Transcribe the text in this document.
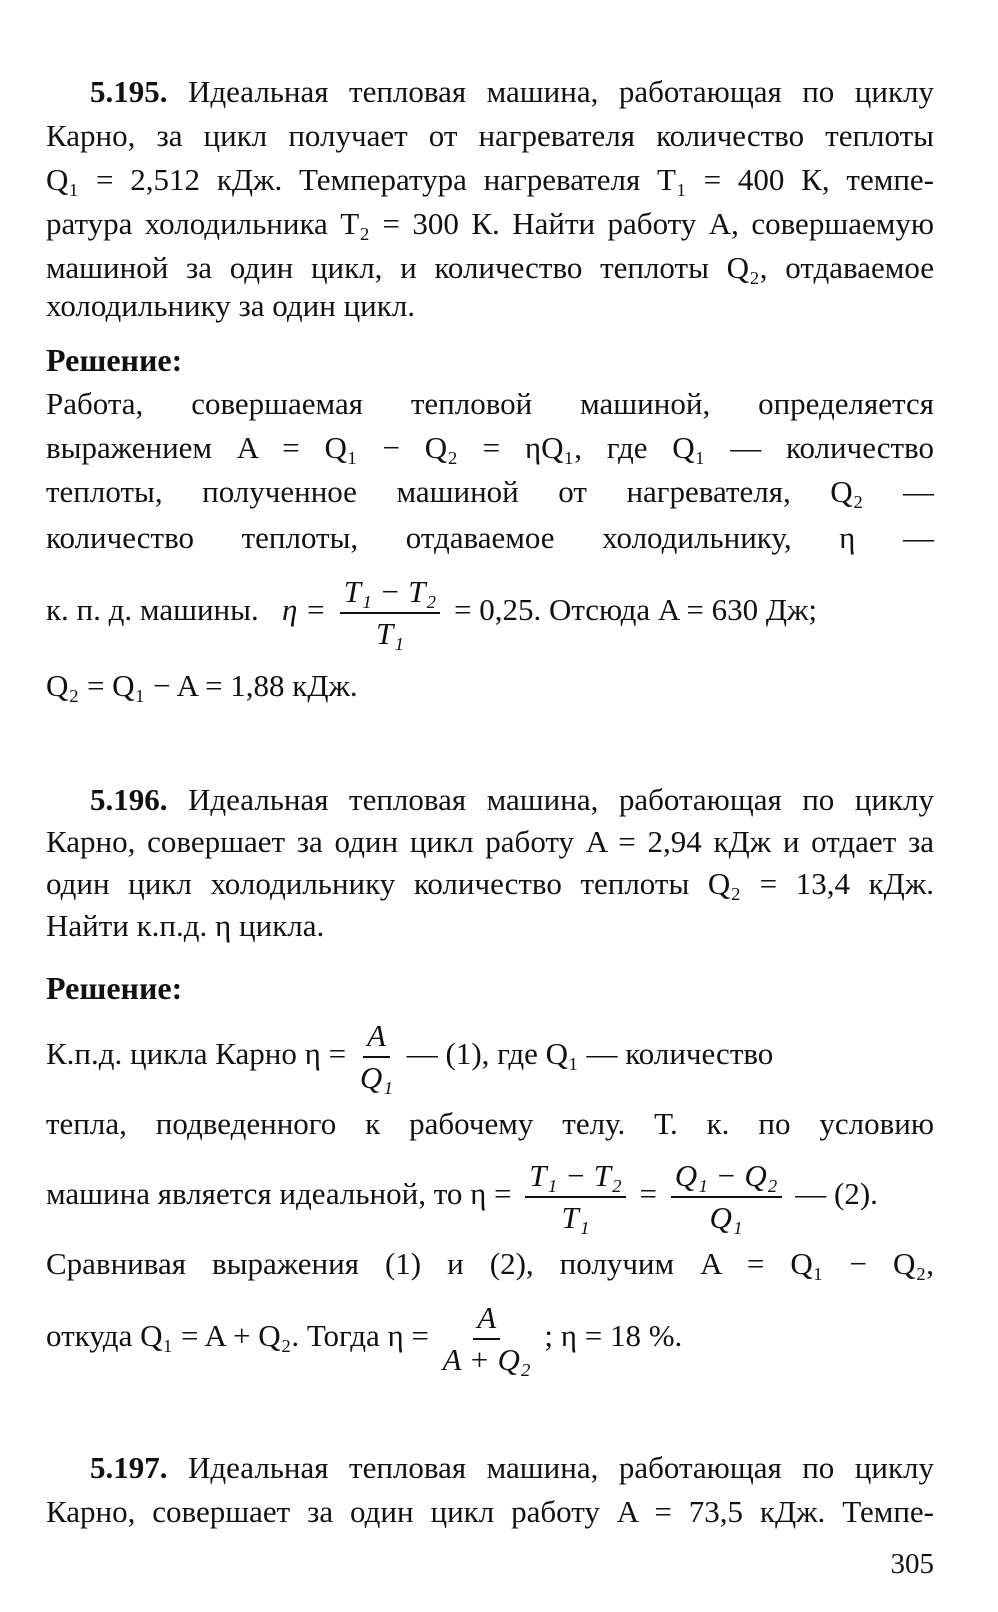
5.195. Идеальная тепловая машина, работающая по циклу
Карно, за цикл получает от нагревателя количество теплоты
Q₁ = 2,512 кДж. Температура нагревателя T₁ = 400 К, темпе-
ратура холодильника T₂ = 300 К. Найти работу A, совершаемую
машиной за один цикл, и количество теплоты Q₂, отдаваемое
холодильнику за один цикл.
Решение:
Работа, совершаемая тепловой машиной, определяется
выражением A = Q₁ − Q₂ = ηQ₁, где Q₁ — количество
теплоты, полученное машиной от нагревателя, Q₂ —
количество теплоты, отдаваемое холодильнику, η —
к. п. д. машины. $\eta = \frac{\text{T₁ − T₂}}{\text{T₁}} = 0,25$. Отсюда A = 630 Дж;
Q₂ = Q₁ − A = 1,88 кДж.
5.196. Идеальная тепловая машина, работающая по циклу
Карно, совершает за один цикл работу A = 2,94 кДж и отдает за
один цикл холодильнику количество теплоты Q₂ = 13,4 кДж.
Найти к.п.д. η цикла.
Решение:
К.п.д. цикла Карно $\eta = \frac{A}{\text{Q₁}}$ — (1), где Q₁ — количество
тепла, подведенного к рабочему телу. Т. к. по условию
машина является идеальной, то $\eta = \frac{\text{T₁ − T₂}}{\text{T₁}} = \frac{\text{Q₁ − Q₂}}{\text{Q₁}}$ — (2).
Сравнивая выражения (1) и (2), получим A = Q₁ − Q₂,
откуда Q₁ = A + Q₂. Тогда $\eta = \frac{A}{\text{A + Q₂}}$ ; η = 18 %.
5.197. Идеальная тепловая машина, работающая по циклу
Карно, совершает за один цикл работу A = 73,5 кДж. Темпе-
305
